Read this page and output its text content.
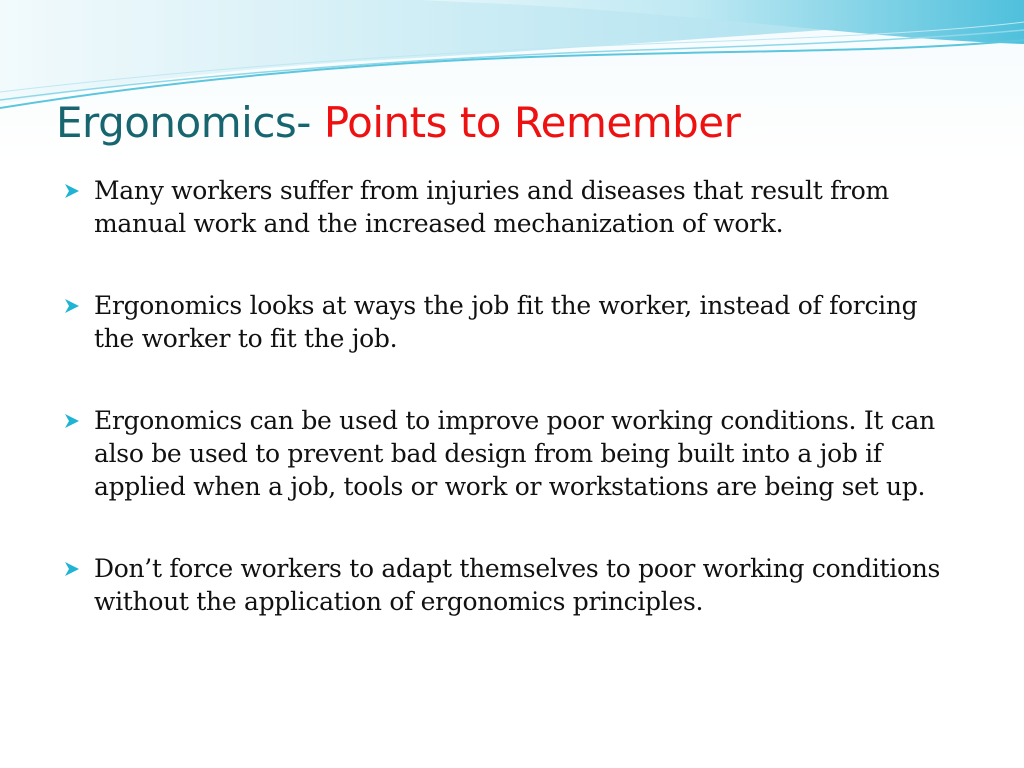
Ergonomics- Points to Remember
Many workers suffer from injuries and diseases that result from manual work and the increased mechanization of work.
Ergonomics looks at ways the job fit the worker, instead of forcing the worker to fit the job.
Ergonomics can be used to improve poor working conditions. It can also be used to prevent bad design from being built into a job if applied when a job, tools or work or workstations are being set up.
Don’t force workers to adapt themselves to poor working conditions without the application of ergonomics principles.
